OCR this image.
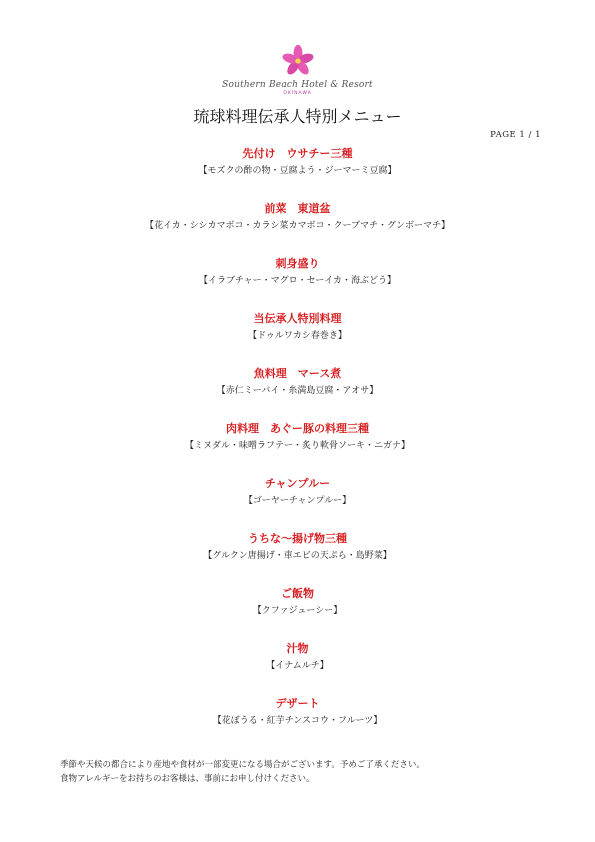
Southern Beach Hotel & Resort
OKINAWA
琉球料理伝承人特別メニュー
PAGE 1 / 1
先付け　ウサチー三種
【モズクの酢の物・豆腐よう・ジーマーミ豆腐】
前菜　東道盆
【花イカ・シシカマボコ・カラシ菜カマボコ・クーブマチ・グンボーマチ】
刺身盛り
【イラブチャー・マグロ・セーイカ・海ぶどう】
当伝承人特別料理
【ドゥルワカシ春巻き】
魚料理　マース煮
【赤仁ミーバイ・糸満島豆腐・アオサ】
肉料理　あぐー豚の料理三種
【ミヌダル・味噌ラフテー・炙り軟骨ソーキ・ニガナ】
チャンプルー
【ゴーヤーチャンプルー】
うちな～揚げ物三種
【グルクン唐揚げ・車エビの天ぷら・島野菜】
ご飯物
【クファジューシー】
汁物
【イナムルチ】
デザート
【花ぼうる・紅芋チンスコウ・フルーツ】
季節や天候の都合により産地や食材が一部変更になる場合がございます。予めご了承ください。
食物アレルギーをお持ちのお客様は、事前にお申し付けください。
